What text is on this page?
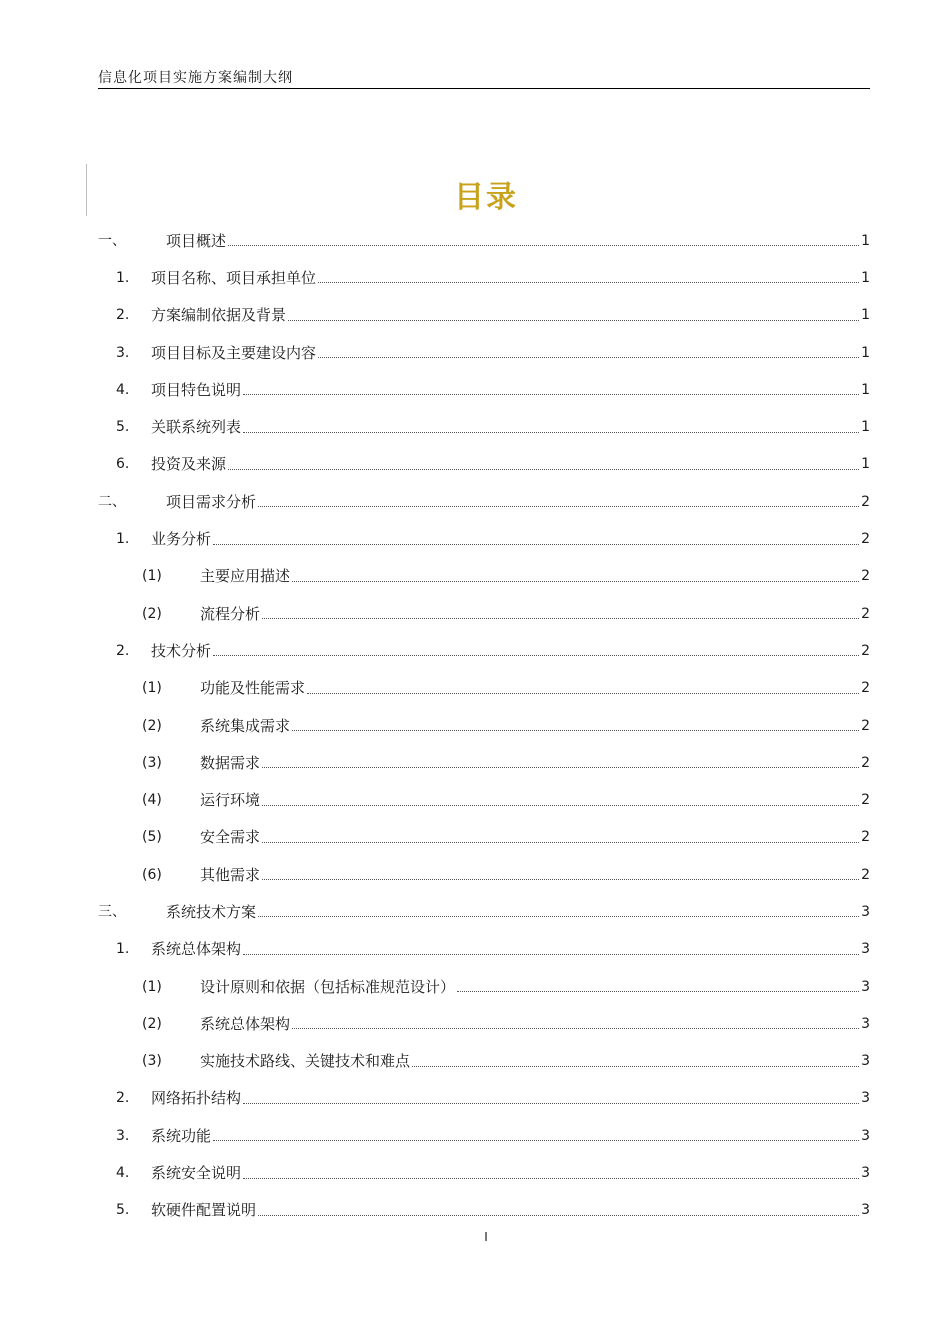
信息化项目实施方案编制大纲
目录
一、	项目概述	1
1.	项目名称、项目承担单位	1
2.	方案编制依据及背景	1
3.	项目目标及主要建设内容	1
4.	项目特色说明	1
5.	关联系统列表	1
6.	投资及来源	1
二、	项目需求分析	2
1.	业务分析	2
(1)	主要应用描述	2
(2)	流程分析	2
2.	技术分析	2
(1)	功能及性能需求	2
(2)	系统集成需求	2
(3)	数据需求	2
(4)	运行环境	2
(5)	安全需求	2
(6)	其他需求	2
三、	系统技术方案	3
1.	系统总体架构	3
(1)	设计原则和依据（包括标准规范设计）	3
(2)	系统总体架构	3
(3)	实施技术路线、关键技术和难点	3
2.	网络拓扑结构	3
3.	系统功能	3
4.	系统安全说明	3
5.	软硬件配置说明	3
I
